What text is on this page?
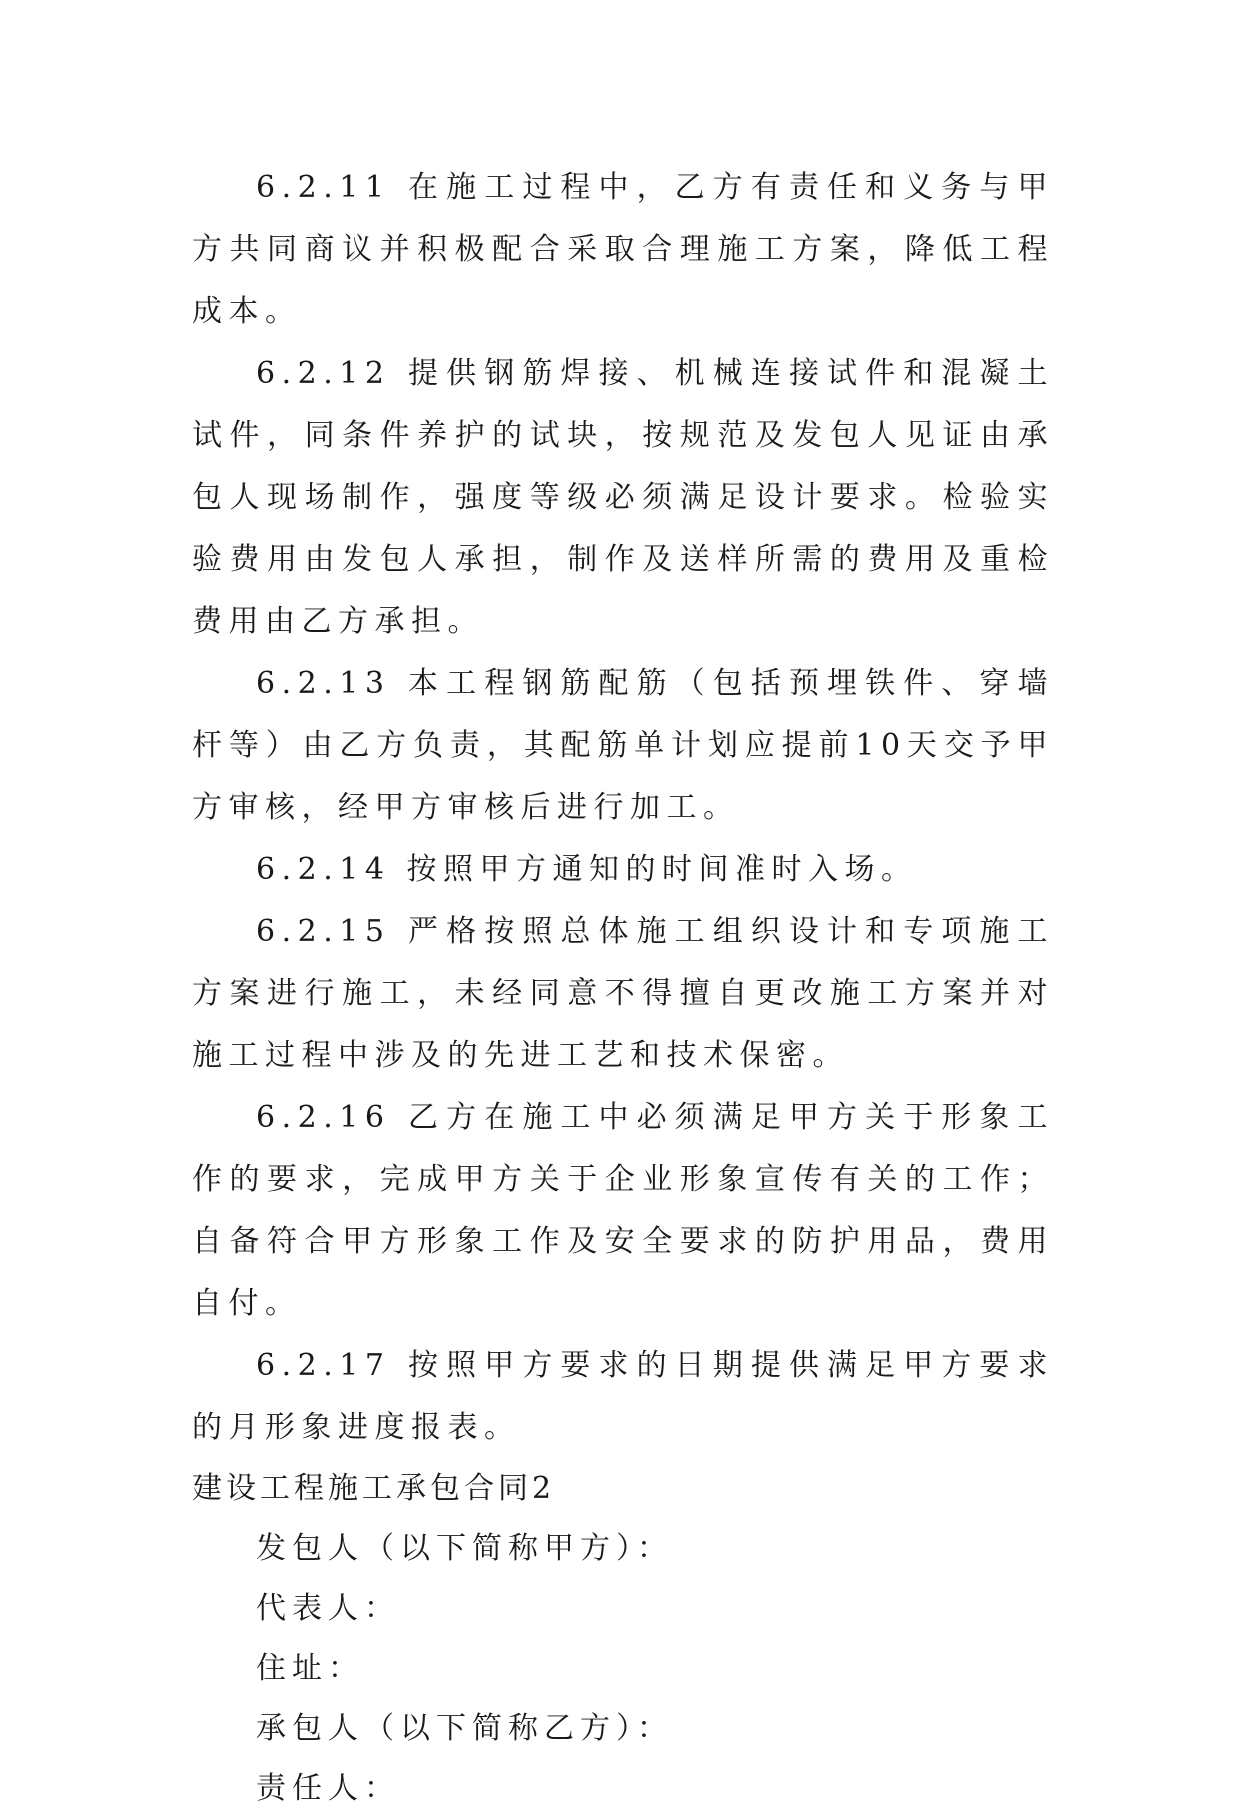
6.2.11 在施工过程中，乙方有责任和义务与甲方共同商议并积极配合采取合理施工方案，降低工程成本。

6.2.12 提供钢筋焊接、机械连接试件和混凝土试件，同条件养护的试块，按规范及发包人见证由承包人现场制作，强度等级必须满足设计要求。检验实验费用由发包人承担，制作及送样所需的费用及重检费用由乙方承担。

6.2.13 本工程钢筋配筋（包括预埋铁件、穿墙杆等）由乙方负责，其配筋单计划应提前10天交予甲方审核，经甲方审核后进行加工。

6.2.14 按照甲方通知的时间准时入场。

6.2.15 严格按照总体施工组织设计和专项施工方案进行施工，未经同意不得擅自更改施工方案并对施工过程中涉及的先进工艺和技术保密。

6.2.16 乙方在施工中必须满足甲方关于形象工作的要求，完成甲方关于企业形象宣传有关的工作；自备符合甲方形象工作及安全要求的防护用品，费用自付。

6.2.17 按照甲方要求的日期提供满足甲方要求的月形象进度报表。

建设工程施工承包合同2

发包人（以下简称甲方）：

代表人：

住址：

承包人（以下简称乙方）：

责任人：
